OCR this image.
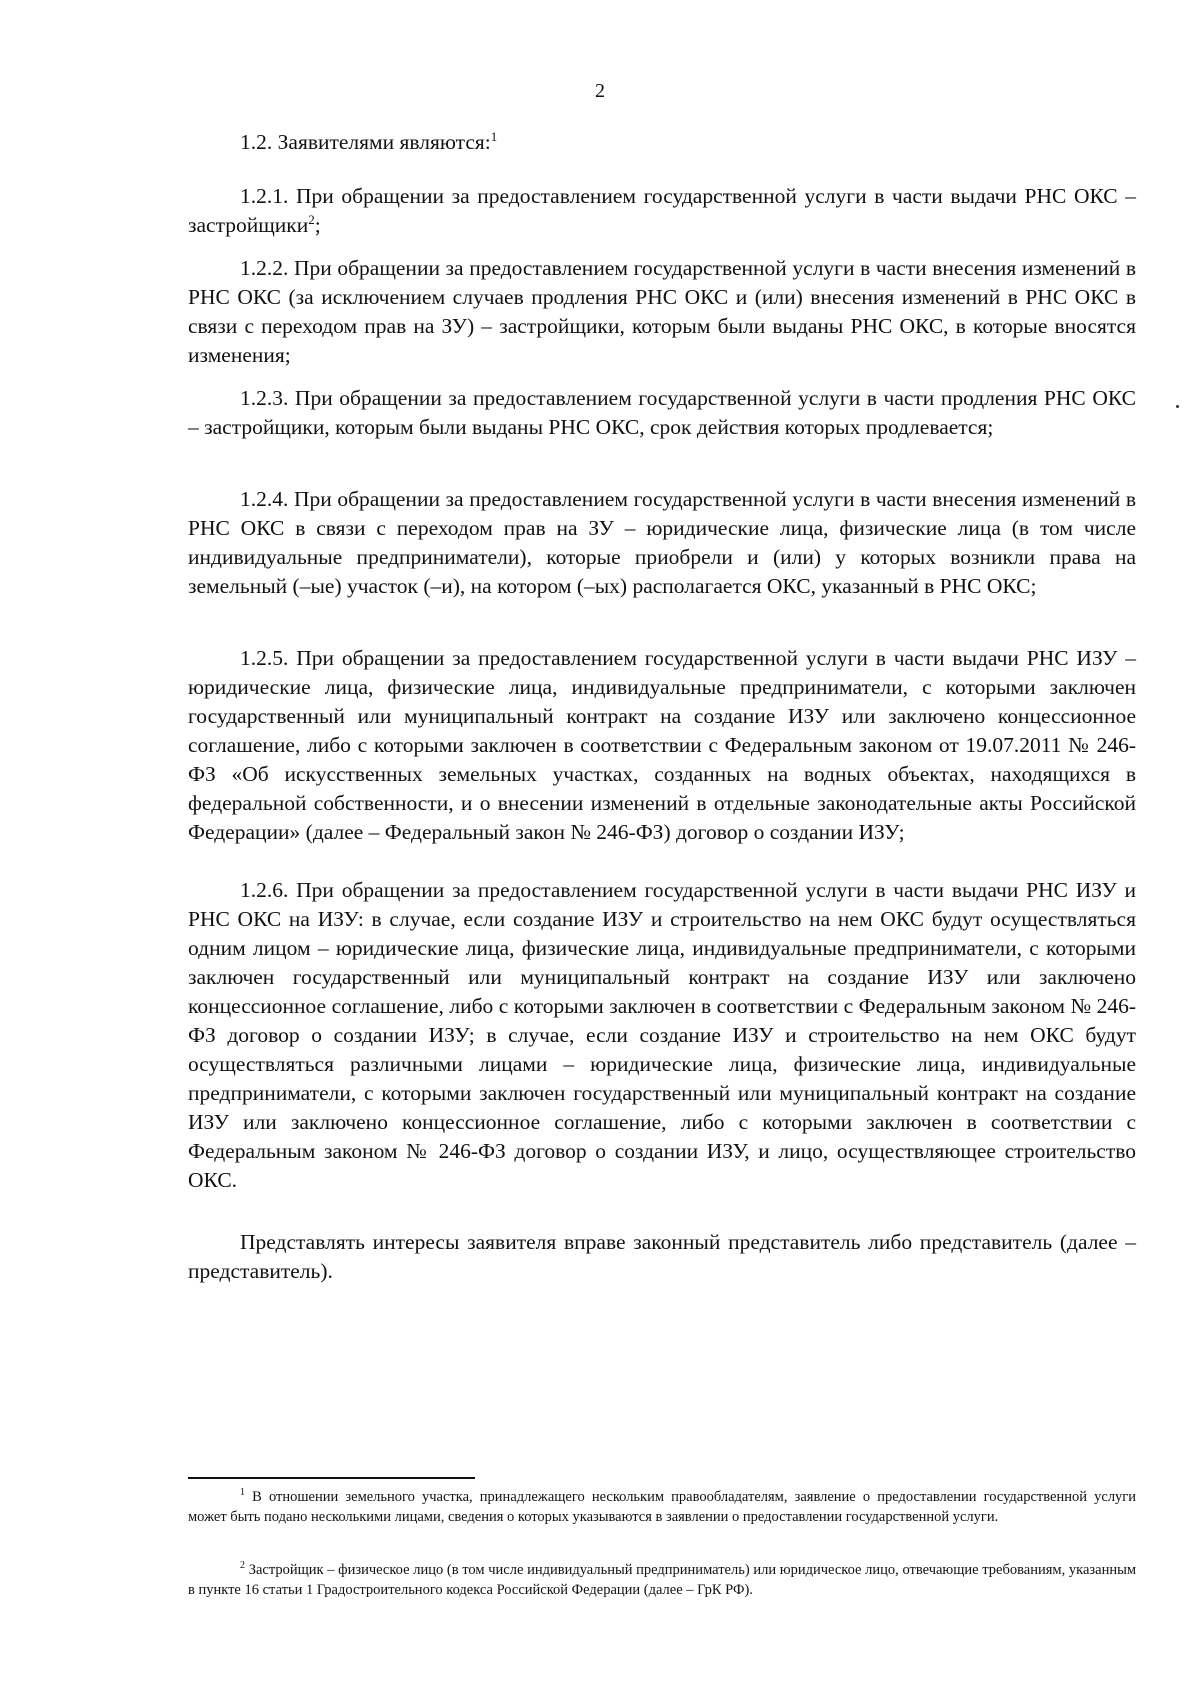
2

1.2. Заявителями являются:$^1$

1.2.1. При обращении за предоставлением государственной услуги в части выдачи РНС ОКС – застройщики$^2$;

1.2.2. При обращении за предоставлением государственной услуги в части внесения изменений в РНС ОКС (за исключением случаев продления РНС ОКС и (или) внесения изменений в РНС ОКС в связи с переходом прав на ЗУ) – застройщики, которым были выданы РНС ОКС, в которые вносятся изменения;

1.2.3. При обращении за предоставлением государственной услуги в части продления РНС ОКС – застройщики, которым были выданы РНС ОКС, срок действия которых продлевается;

1.2.4. При обращении за предоставлением государственной услуги в части внесения изменений в РНС ОКС в связи с переходом прав на ЗУ – юридические лица, физические лица (в том числе индивидуальные предприниматели), которые приобрели и (или) у которых возникли права на земельный (–ые) участок (–и), на котором (–ых) располагается ОКС, указанный в РНС ОКС;

1.2.5. При обращении за предоставлением государственной услуги в части выдачи РНС ИЗУ – юридические лица, физические лица, индивидуальные предприниматели, с которыми заключен государственный или муниципальный контракт на создание ИЗУ или заключено концессионное соглашение, либо с которыми заключен в соответствии с Федеральным законом от 19.07.2011 № 246-ФЗ «Об искусственных земельных участках, созданных на водных объектах, находящихся в федеральной собственности, и о внесении изменений в отдельные законодательные акты Российской Федерации» (далее – Федеральный закон № 246-ФЗ) договор о создании ИЗУ;

1.2.6. При обращении за предоставлением государственной услуги в части выдачи РНС ИЗУ и РНС ОКС на ИЗУ: в случае, если создание ИЗУ и строительство на нем ОКС будут осуществляться одним лицом – юридические лица, физические лица, индивидуальные предприниматели, с которыми заключен государственный или муниципальный контракт на создание ИЗУ или заключено концессионное соглашение, либо с которыми заключен в соответствии с Федеральным законом № 246-ФЗ договор о создании ИЗУ; в случае, если создание ИЗУ и строительство на нем ОКС будут осуществляться различными лицами – юридические лица, физические лица, индивидуальные предприниматели, с которыми заключен государственный или муниципальный контракт на создание ИЗУ или заключено концессионное соглашение, либо с которыми заключен в соответствии с Федеральным законом № 246-ФЗ договор о создании ИЗУ, и лицо, осуществляющее строительство ОКС.

Представлять интересы заявителя вправе законный представитель либо представитель (далее – представитель).

$^1$ В отношении земельного участка, принадлежащего нескольким правообладателям, заявление о предоставлении государственной услуги может быть подано несколькими лицами, сведения о которых указываются в заявлении о предоставлении государственной услуги.

$^2$ Застройщик – физическое лицо (в том числе индивидуальный предприниматель) или юридическое лицо, отвечающие требованиям, указанным в пункте 16 статьи 1 Градостроительного кодекса Российской Федерации (далее – ГрК РФ).
